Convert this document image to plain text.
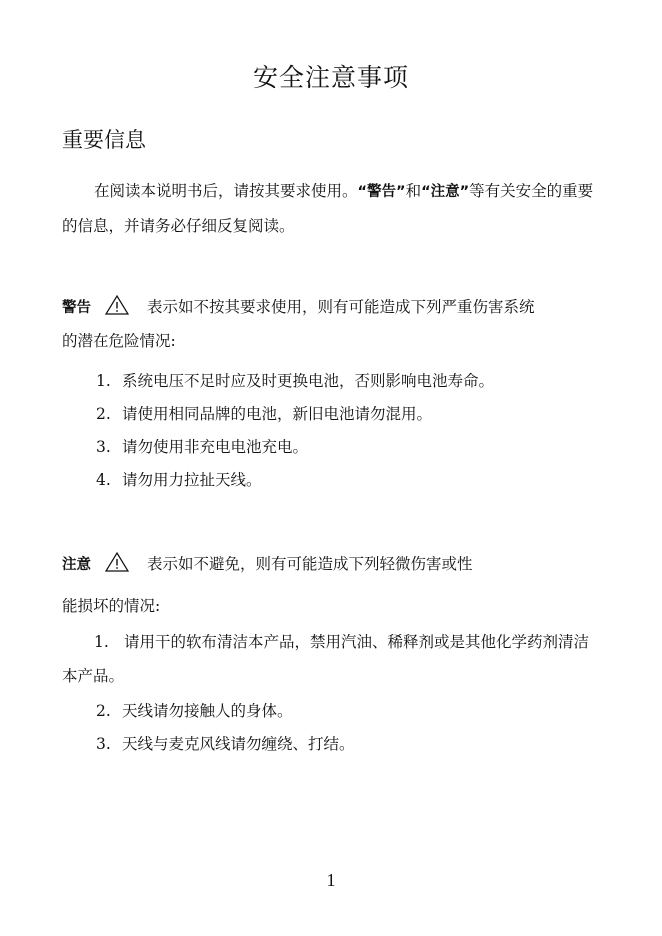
安全注意事项
重要信息
在阅读本说明书后，请按其要求使用。“警告”和“注意”等有关安全的重要的信息，并请务必仔细反复阅读。
警告	表示如不按其要求使用，则有可能造成下列严重伤害系统
的潜在危险情况:
1. 系统电压不足时应及时更换电池，否则影响电池寿命。
2. 请使用相同品牌的电池，新旧电池请勿混用。
3. 请勿使用非充电电池充电。
4. 请勿用力拉扯天线。
注意	表示如不避免，则有可能造成下列轻微伤害或性
能损坏的情况:
1. 请用干的软布清洁本产品，禁用汽油、稀释剂或是其他化学药剂清洁本产品。
2. 天线请勿接触人的身体。
3. 天线与麦克风线请勿缠绕、打结。
1
